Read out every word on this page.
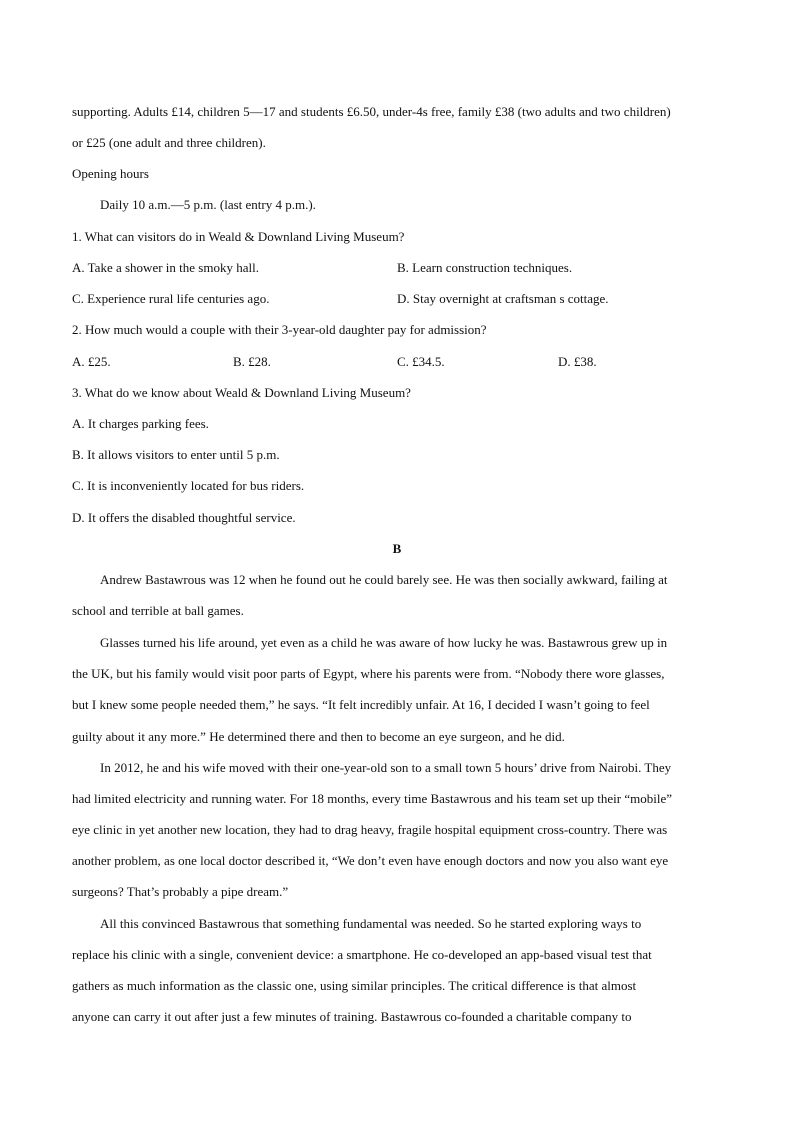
supporting. Adults £14, children 5—17 and students £6.50, under-4s free, family £38 (two adults and two children)
or £25 (one adult and three children).
Opening hours
Daily 10 a.m.—5 p.m. (last entry 4 p.m.).
1. What can visitors do in Weald & Downland Living Museum?
A. Take a shower in the smoky hall.	B. Learn construction techniques.
C. Experience rural life centuries ago.	D. Stay overnight at craftsman s cottage.
2. How much would a couple with their 3-year-old daughter pay for admission?
A. £25.	B. £28.	C. £34.5.	D. £38.
3. What do we know about Weald & Downland Living Museum?
A. It charges parking fees.
B. It allows visitors to enter until 5 p.m.
C. It is inconveniently located for bus riders.
D. It offers the disabled thoughtful service.
B
Andrew Bastawrous was 12 when he found out he could barely see. He was then socially awkward, failing at
school and terrible at ball games.
Glasses turned his life around, yet even as a child he was aware of how lucky he was. Bastawrous grew up in
the UK, but his family would visit poor parts of Egypt, where his parents were from. “Nobody there wore glasses,
but I knew some people needed them,” he says. “It felt incredibly unfair. At 16, I decided I wasn’t going to feel
guilty about it any more.” He determined there and then to become an eye surgeon, and he did.
In 2012, he and his wife moved with their one-year-old son to a small town 5 hours’ drive from Nairobi. They
had limited electricity and running water. For 18 months, every time Bastawrous and his team set up their “mobile”
eye clinic in yet another new location, they had to drag heavy, fragile hospital equipment cross-country. There was
another problem, as one local doctor described it, “We don’t even have enough doctors and now you also want eye
surgeons? That’s probably a pipe dream.”
All this convinced Bastawrous that something fundamental was needed. So he started exploring ways to
replace his clinic with a single, convenient device: a smartphone. He co-developed an app-based visual test that
gathers as much information as the classic one, using similar principles. The critical difference is that almost
anyone can carry it out after just a few minutes of training. Bastawrous co-founded a charitable company to
